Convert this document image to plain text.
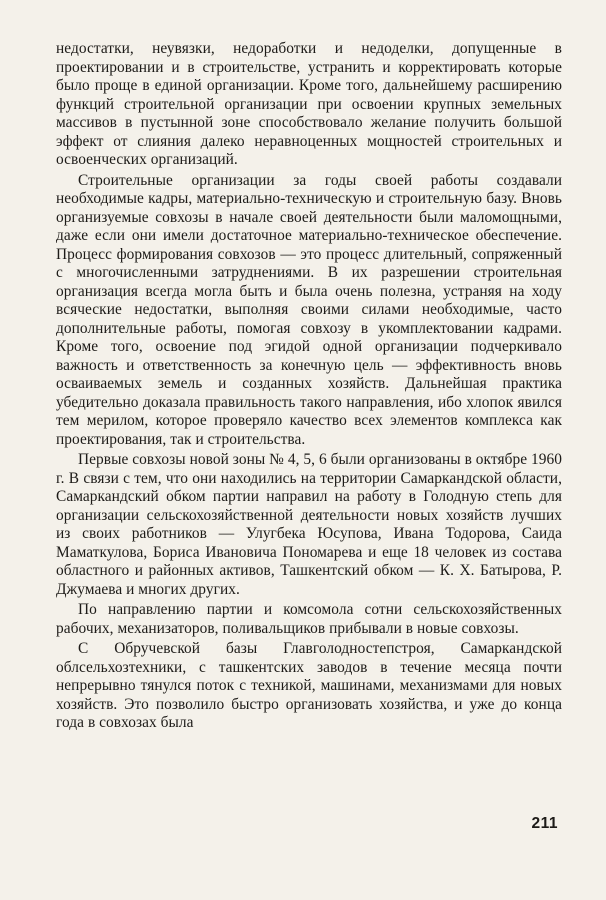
недостатки, неувязки, недоработки и недоделки, допущенные в проектировании и в строительстве, устранить и корректировать которые было проще в единой организации. Кроме того, дальнейшему расширению функций строительной организации при освоении крупных земельных массивов в пустынной зоне способствовало желание получить большой эффект от слияния далеко неравноценных мощностей строительных и освоенческих организаций.

Строительные организации за годы своей работы создавали необходимые кадры, материально-техническую и строительную базу. Вновь организуемые совхозы в начале своей деятельности были маломощными, даже если они имели достаточное материально-техническое обеспечение. Процесс формирования совхозов — это процесс длительный, сопряженный с многочисленными затруднениями. В их разрешении строительная организация всегда могла быть и была очень полезна, устраняя на ходу всяческие недостатки, выполняя своими силами необходимые, часто дополнительные работы, помогая совхозу в укомплектовании кадрами. Кроме того, освоение под эгидой одной организации подчеркивало важность и ответственность за конечную цель — эффективность вновь осваиваемых земель и созданных хозяйств. Дальнейшая практика убедительно доказала правильность такого направления, ибо хлопок явился тем мерилом, которое проверяло качество всех элементов комплекса как проектирования, так и строительства.

Первые совхозы новой зоны № 4, 5, 6 были организованы в октябре 1960 г. В связи с тем, что они находились на территории Самаркандской области, Самаркандский обком партии направил на работу в Голодную степь для организации сельскохозяйственной деятельности новых хозяйств лучших из своих работников — Улугбека Юсупова, Ивана Тодорова, Саида Маматкулова, Бориса Ивановича Пономарева и еще 18 человек из состава областного и районных активов, Ташкентский обком — К. Х. Батырова, Р. Джумаева и многих других.

По направлению партии и комсомола сотни сельскохозяйственных рабочих, механизаторов, поливальщиков прибывали в новые совхозы.

С Обручевской базы Главголодностепстроя, Самаркандской облсельхозтехники, с ташкентских заводов в течение месяца почти непрерывно тянулся поток с техникой, машинами, механизмами для новых хозяйств. Это позволило быстро организовать хозяйства, и уже до конца года в совхозах была

211
